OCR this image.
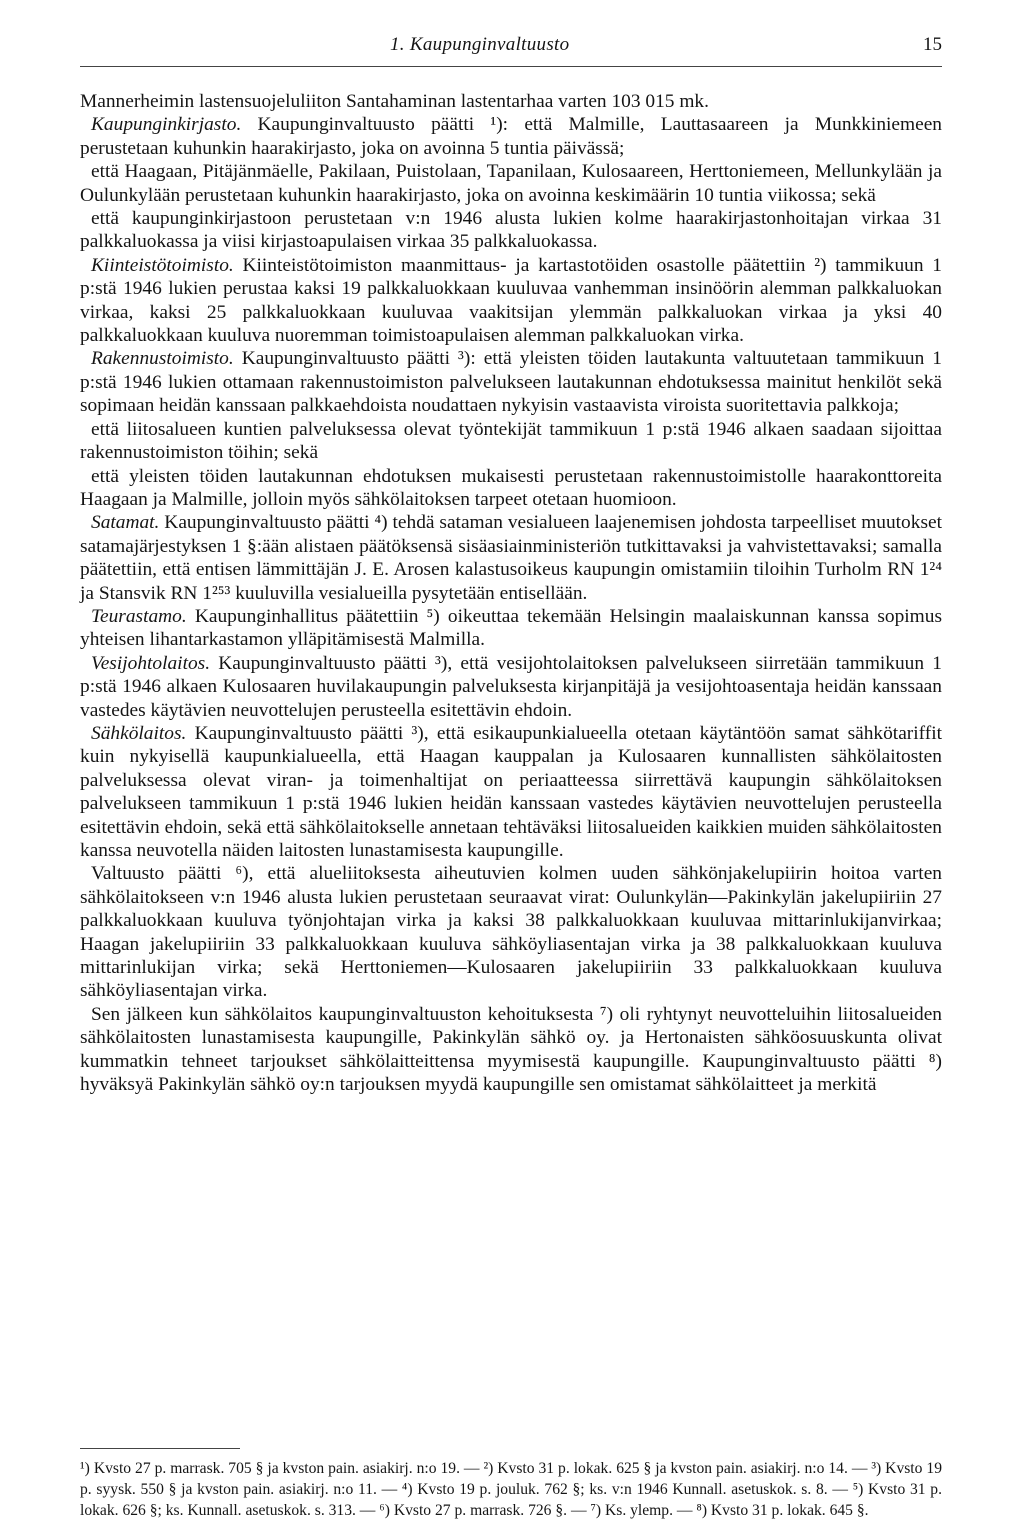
1. Kaupunginvaltuusto	15

Mannerheimin lastensuojeluliiton Santahaminan lastentarhaa varten 103 015 mk.

Kaupunginkirjasto. Kaupunginvaltuusto päätti ¹): että Malmille, Lauttasaareen ja Munkkiniemeen perustetaan kuhunkin haarakirjasto, joka on avoinna 5 tuntia päivässä;

että Haagaan, Pitäjänmäelle, Pakilaan, Puistolaan, Tapanilaan, Kulosaareen, Herttoniemeen, Mellunkylään ja Oulunkylään perustetaan kuhunkin haarakirjasto, joka on avoinna keskimäärin 10 tuntia viikossa; sekä

että kaupunginkirjastoon perustetaan v:n 1946 alusta lukien kolme haarakirjastonhoitajan virkaa 31 palkkaluokassa ja viisi kirjastoapulaisen virkaa 35 palkkaluokassa.

Kiinteistötoimisto. Kiinteistötoimiston maanmittaus- ja kartastotöiden osastolle päätettiin ²) tammikuun 1 p:stä 1946 lukien perustaa kaksi 19 palkkaluokkaan kuuluvaa vanhemman insinöörin alemman palkkaluokan virkaa, kaksi 25 palkkaluokkaan kuuluvaa vaakitsijan ylemmän palkkaluokan virkaa ja yksi 40 palkkaluokkaan kuuluva nuoremman toimistoapulaisen alemman palkkaluokan virka.

Rakennustoimisto. Kaupunginvaltuusto päätti ³): että yleisten töiden lautakunta valtuutetaan tammikuun 1 p:stä 1946 lukien ottamaan rakennustoimiston palvelukseen lautakunnan ehdotuksessa mainitut henkilöt sekä sopimaan heidän kanssaan palkkaehdoista noudattaen nykyisin vastaavista viroista suoritettavia palkkoja;

että liitosalueen kuntien palveluksessa olevat työntekijät tammikuun 1 p:stä 1946 alkaen saadaan sijoittaa rakennustoimiston töihin; sekä

että yleisten töiden lautakunnan ehdotuksen mukaisesti perustetaan rakennustoimistolle haarakonttoreita Haagaan ja Malmille, jolloin myös sähkölaitoksen tarpeet otetaan huomioon.

Satamat. Kaupunginvaltuusto päätti ⁴) tehdä sataman vesialueen laajenemisen johdosta tarpeelliset muutokset satamajärjestyksen 1 §:ään alistaen päätöksensä sisäasiainministeriön tutkittavaksi ja vahvistettavaksi; samalla päätettiin, että entisen lämmittäjän J. E. Arosen kalastusoikeus kaupungin omistamiin tiloihin Turholm RN 1²⁴ ja Stansvik RN 1²⁵³ kuuluvilla vesialueilla pysytetään entisellään.

Teurastamo. Kaupunginhallitus päätettiin ⁵) oikeuttaa tekemään Helsingin maalaiskunnan kanssa sopimus yhteisen lihantarkastamon ylläpitämisestä Malmilla.

Vesijohtolaitos. Kaupunginvaltuusto päätti ³), että vesijohtolaitoksen palvelukseen siirretään tammikuun 1 p:stä 1946 alkaen Kulosaaren huvilakaupungin palveluksesta kirjanpitäjä ja vesijohtoasentaja heidän kanssaan vastedes käytävien neuvottelujen perusteella esitettävin ehdoin.

Sähkölaitos. Kaupunginvaltuusto päätti ³), että esikaupunkialueella otetaan käytäntöön samat sähkötariffit kuin nykyisellä kaupunkialueella, että Haagan kauppalan ja Kulosaaren kunnallisten sähkölaitosten palveluksessa olevat viran- ja toimenhaltijat on periaatteessa siirrettävä kaupungin sähkölaitoksen palvelukseen tammikuun 1 p:stä 1946 lukien heidän kanssaan vastedes käytävien neuvottelujen perusteella esitettävin ehdoin, sekä että sähkölaitokselle annetaan tehtäväksi liitosalueiden kaikkien muiden sähkölaitosten kanssa neuvotella näiden laitosten lunastamisesta kaupungille.

Valtuusto päätti ⁶), että alueliitoksesta aiheutuvien kolmen uuden sähkönjakelupiirin hoitoa varten sähkölaitokseen v:n 1946 alusta lukien perustetaan seuraavat virat: Oulunkylän—Pakinkylän jakelupiiriin 27 palkkaluokkaan kuuluva työnjohtajan virka ja kaksi 38 palkkaluokkaan kuuluvaa mittarinlukijanvirkaa; Haagan jakelupiiriin 33 palkkaluokkaan kuuluva sähköyliasentajan virka ja 38 palkkaluokkaan kuuluva mittarinlukijan virka; sekä Herttoniemen—Kulosaaren jakelupiiriin 33 palkkaluokkaan kuuluva sähköyliasentajan virka.

Sen jälkeen kun sähkölaitos kaupunginvaltuuston kehoituksesta ⁷) oli ryhtynyt neuvotteluihin liitosalueiden sähkölaitosten lunastamisesta kaupungille, Pakinkylän sähkö oy. ja Hertonaisten sähköosuuskunta olivat kummatkin tehneet tarjoukset sähkölaitteittensa myymisestä kaupungille. Kaupunginvaltuusto päätti ⁸) hyväksyä Pakinkylän sähkö oy:n tarjouksen myydä kaupungille sen omistamat sähkölaitteet ja merkitä

¹) Kvsto 27 p. marrask. 705 § ja kvston pain. asiakirj. n:o 19. — ²) Kvsto 31 p. lokak. 625 § ja kvston pain. asiakirj. n:o 14. — ³) Kvsto 19 p. syysk. 550 § ja kvston pain. asiakirj. n:o 11. — ⁴) Kvsto 19 p. jouluk. 762 §; ks. v:n 1946 Kunnall. asetuskok. s. 8. — ⁵) Kvsto 31 p. lokak. 626 §; ks. Kunnall. asetuskok. s. 313. — ⁶) Kvsto 27 p. marrask. 726 §. — ⁷) Ks. ylemp. — ⁸) Kvsto 31 p. lokak. 645 §.
